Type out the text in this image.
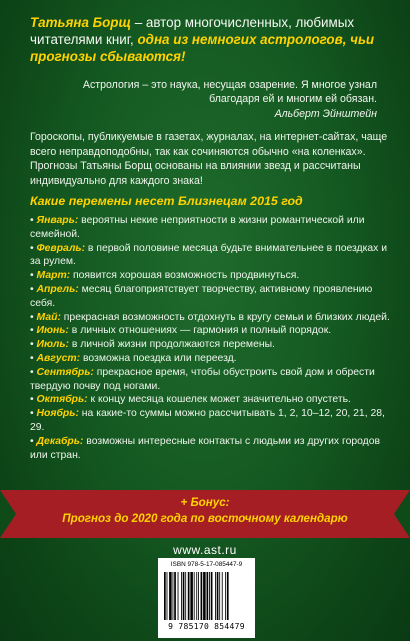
Татьяна Борщ – автор многочисленных, любимых читателями книг, одна из немногих астрологов, чьи прогнозы сбываются!
Астрология – это наука, несущая озарение. Я многое узнал благодаря ей и многим ей обязан.
Альберт Эйнштейн
Гороскопы, публикуемые в газетах, журналах, на интернет-сайтах, чаще всего неправдоподобны, так как сочиняются обычно «на коленках». Прогнозы Татьяны Борщ основаны на влиянии звезд и рассчитаны индивидуально для каждого знака!
Какие перемены несет Близнецам 2015 год
• Январь: вероятны некие неприятности в жизни романтической или семейной.
• Февраль: в первой половине месяца будьте внимательнее в поездках и за рулем.
• Март: появится хорошая возможность продвинуться.
• Апрель: месяц благоприятствует творчеству, активному проявлению себя.
• Май: прекрасная возможность отдохнуть в кругу семьи и близких людей.
• Июнь: в личных отношениях — гармония и полный порядок.
• Июль: в личной жизни продолжаются перемены.
• Август: возможна поездка или переезд.
• Сентябрь: прекрасное время, чтобы обустроить свой дом и обрести твердую почву под ногами.
• Октябрь: к концу месяца кошелек может значительно опустеть.
• Ноябрь: на какие-то суммы можно рассчитывать 1, 2, 10–12, 20, 21, 28, 29.
• Декабрь: возможны интересные контакты с людьми из других городов или стран.
+ Бонус:
Прогноз до 2020 года по восточному календарю
www.ast.ru
ISBN 978-5-17-085447-9
9 785170 854479
